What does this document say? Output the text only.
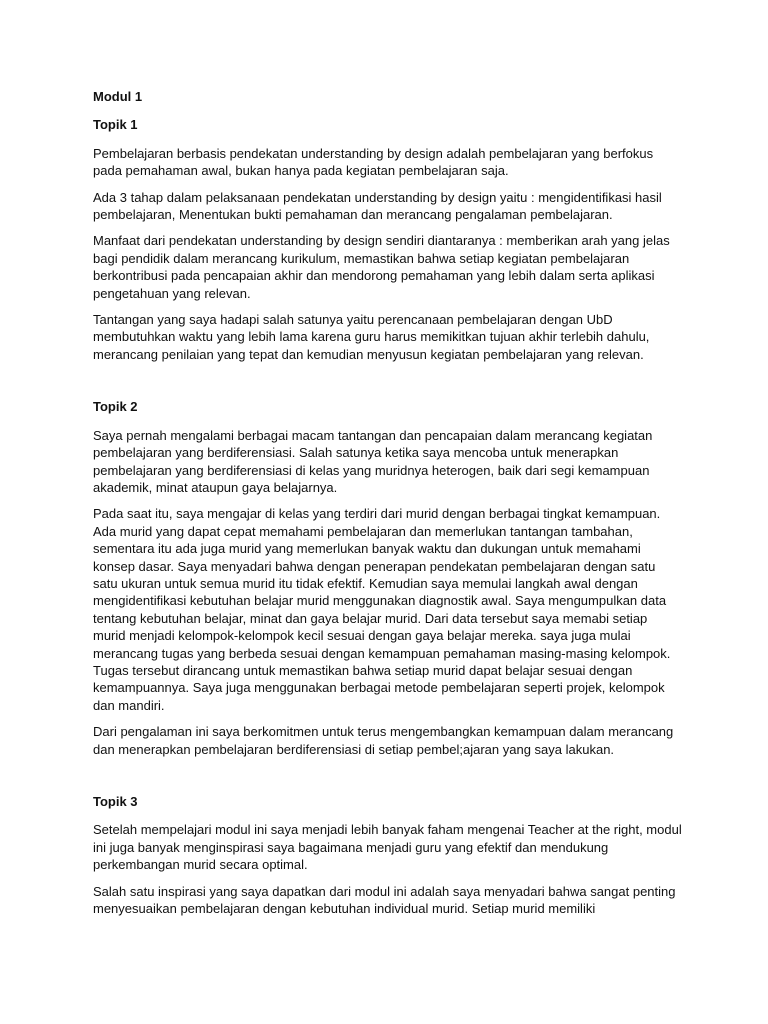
Modul 1

Topik 1

Pembelajaran berbasis pendekatan understanding by design adalah pembelajaran yang berfokus pada pemahaman awal, bukan hanya pada kegiatan pembelajaran saja.

Ada 3 tahap dalam pelaksanaan pendekatan understanding by design yaitu : mengidentifikasi hasil pembelajaran, Menentukan bukti pemahaman dan merancang pengalaman pembelajaran.

Manfaat dari pendekatan understanding by design sendiri diantaranya : memberikan arah yang jelas bagi pendidik dalam merancang kurikulum, memastikan bahwa setiap kegiatan pembelajaran berkontribusi pada pencapaian akhir dan mendorong pemahaman yang lebih dalam serta aplikasi pengetahuan yang relevan.

Tantangan yang saya hadapi salah satunya yaitu perencanaan pembelajaran dengan UbD membutuhkan waktu yang lebih lama karena guru harus memikitkan tujuan akhir terlebih dahulu, merancang penilaian yang tepat dan kemudian menyusun kegiatan pembelajaran yang relevan.

Topik 2

Saya pernah mengalami berbagai macam tantangan dan pencapaian dalam merancang kegiatan pembelajaran yang berdiferensiasi. Salah satunya ketika saya mencoba untuk menerapkan pembelajaran yang berdiferensiasi di kelas yang muridnya heterogen, baik dari segi kemampuan akademik, minat ataupun gaya belajarnya.

Pada saat itu, saya mengajar di kelas yang terdiri dari murid dengan berbagai tingkat kemampuan. Ada murid yang dapat cepat memahami pembelajaran dan memerlukan tantangan tambahan, sementara itu ada juga murid yang memerlukan banyak waktu dan dukungan untuk memahami konsep dasar. Saya menyadari bahwa dengan penerapan pendekatan pembelajaran dengan satu satu ukuran untuk semua murid itu tidak efektif. Kemudian saya memulai langkah awal dengan mengidentifikasi kebutuhan belajar murid menggunakan diagnostik awal. Saya mengumpulkan data tentang kebutuhan belajar, minat dan gaya belajar murid. Dari data tersebut saya memabi setiap murid menjadi kelompok-kelompok kecil sesuai dengan gaya belajar mereka. saya juga mulai merancang tugas yang berbeda sesuai dengan kemampuan pemahaman masing-masing kelompok. Tugas tersebut dirancang untuk memastikan bahwa setiap murid dapat belajar sesuai dengan kemampuannya. Saya juga menggunakan berbagai metode pembelajaran seperti projek, kelompok dan mandiri.

Dari pengalaman ini saya berkomitmen untuk terus mengembangkan kemampuan dalam merancang dan menerapkan pembelajaran berdiferensiasi di setiap pembel;ajaran yang saya lakukan.

Topik 3

Setelah mempelajari modul ini saya menjadi lebih banyak faham mengenai Teacher at the right, modul ini juga banyak menginspirasi saya bagaimana menjadi guru yang efektif dan mendukung perkembangan murid secara optimal.

Salah satu inspirasi yang saya dapatkan dari modul ini adalah saya menyadari bahwa sangat penting menyesuaikan pembelajaran dengan kebutuhan individual murid. Setiap murid memiliki
